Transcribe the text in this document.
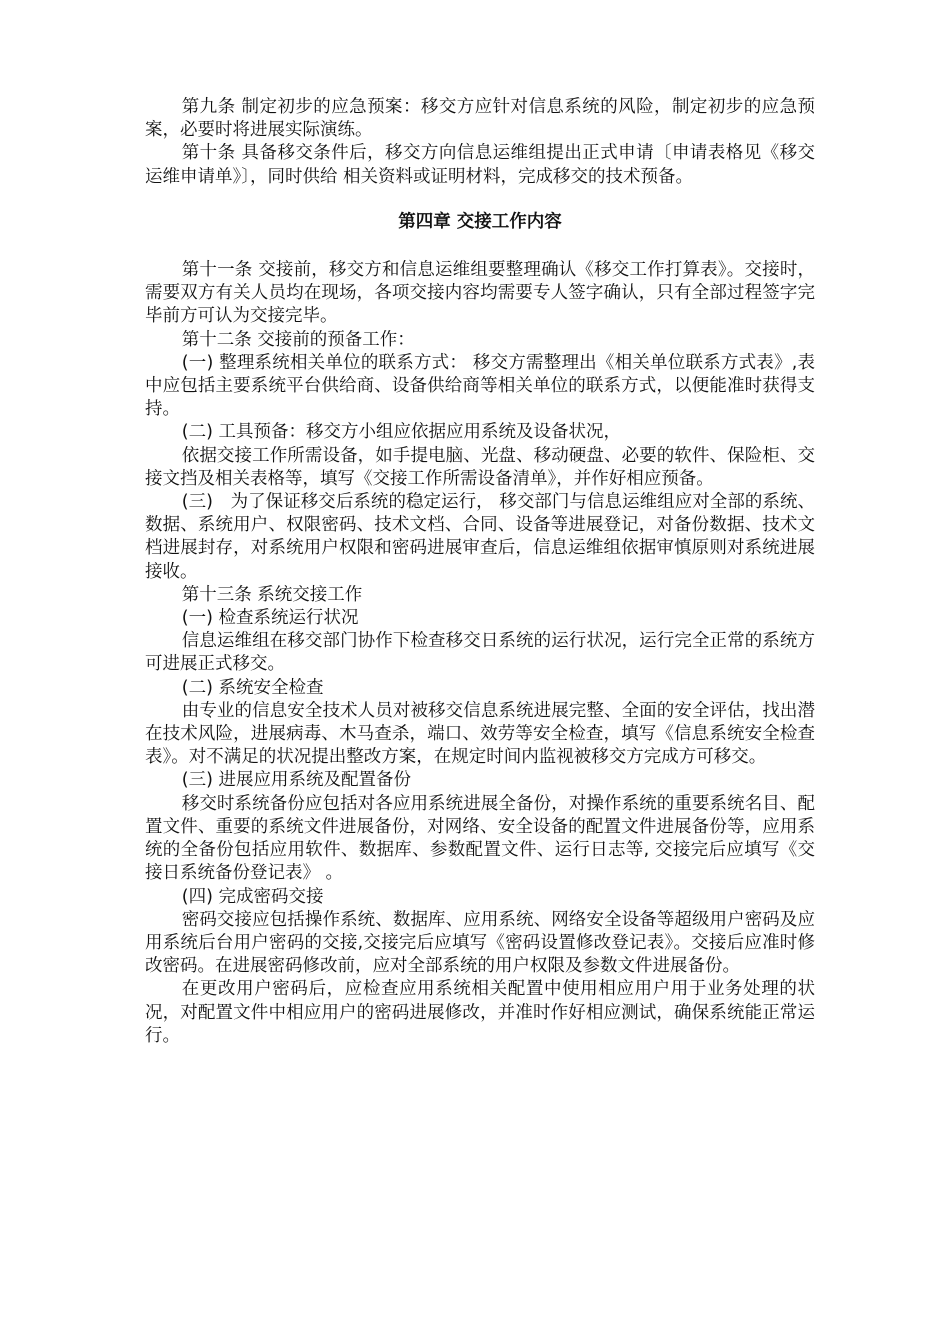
第九条 制定初步的应急预案：移交方应针对信息系统的风险，制定初步的应急预案，必要时将进展实际演练。

第十条 具备移交条件后，移交方向信息运维组提出正式申请〔申请表格见《移交运维申请单》〕，同时供给 相关资料或证明材料，完成移交的技术预备。

第四章 交接工作内容

第十一条 交接前，移交方和信息运维组要整理确认《移交工作打算表》。交接时，需要双方有关人员均在现场，各项交接内容均需要专人签字确认，只有全部过程签字完毕前方可认为交接完毕。

第十二条 交接前的预备工作：

(一) 整理系统相关单位的联系方式： 移交方需整理出《相关单位联系方式表》,表中应包括主要系统平台供给商、设备供给商等相关单位的联系方式，以便能准时获得支持。

(二) 工具预备：移交方小组应依据应用系统及设备状况，

依据交接工作所需设备，如手提电脑、光盘、移动硬盘、必要的软件、保险柜、交接文挡及相关表格等，填写《交接工作所需设备清单》，并作好相应预备。

(三)　为了保证移交后系统的稳定运行， 移交部门与信息运维组应对全部的系统、数据、系统用户、权限密码、技术文档、合同、设备等进展登记，对备份数据、技术文档进展封存，对系统用户权限和密码进展审查后，信息运维组依据审慎原则对系统进展接收。

第十三条 系统交接工作

(一) 检查系统运行状况

信息运维组在移交部门协作下检查移交日系统的运行状况，运行完全正常的系统方可进展正式移交。

(二) 系统安全检查

由专业的信息安全技术人员对被移交信息系统进展完整、全面的安全评估，找出潜在技术风险，进展病毒、木马查杀，端口、效劳等安全检查，填写《信息系统安全检查表》。对不满足的状况提出整改方案，在规定时间内监视被移交方完成方可移交。

(三) 进展应用系统及配置备份

移交时系统备份应包括对各应用系统进展全备份，对操作系统的重要系统名目、配置文件、重要的系统文件进展备份，对网络、安全设备的配置文件进展备份等，应用系统的全备份包括应用软件、数据库、参数配置文件、运行日志等, 交接完后应填写《交接日系统备份登记表》 。

(四) 完成密码交接

密码交接应包括操作系统、数据库、应用系统、网络安全设备等超级用户密码及应用系统后台用户密码的交接,交接完后应填写《密码设置修改登记表》。交接后应准时修改密码。在进展密码修改前，应对全部系统的用户权限及参数文件进展备份。

在更改用户密码后，应检查应用系统相关配置中使用相应用户用于业务处理的状况，对配置文件中相应用户的密码进展修改，并准时作好相应测试，确保系统能正常运行。
